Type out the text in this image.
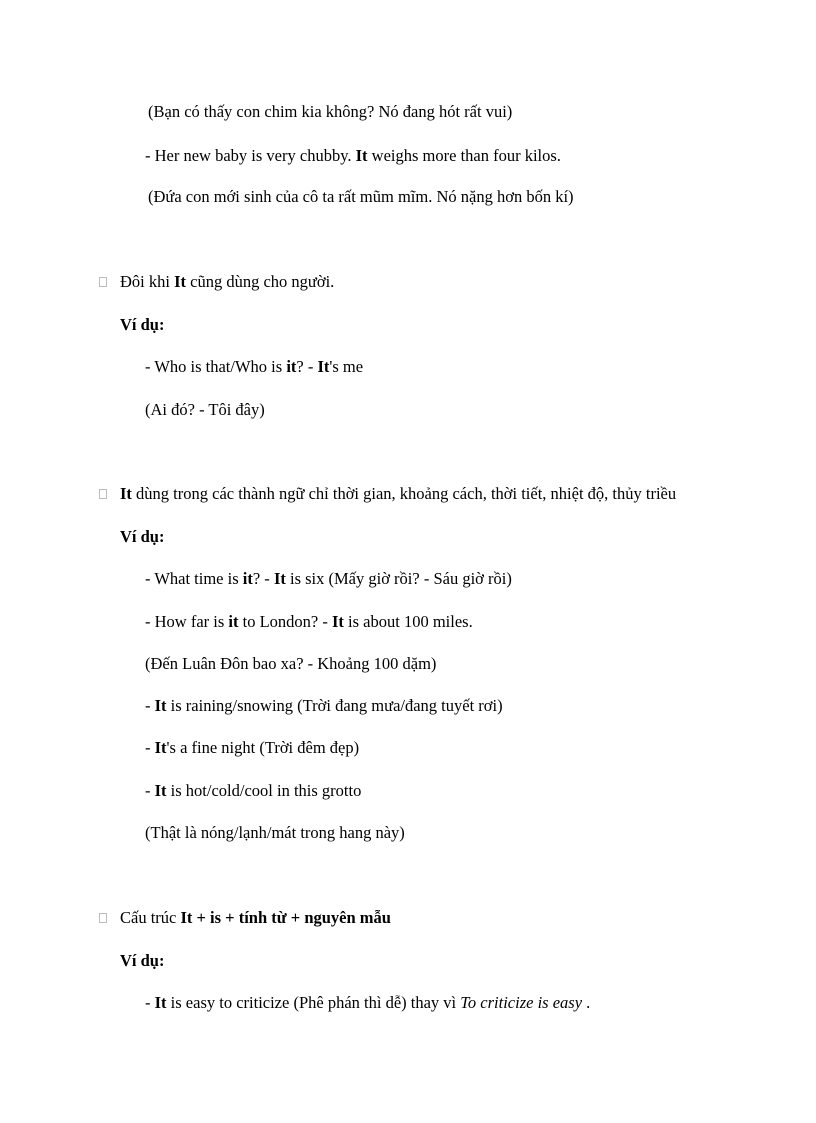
(Bạn có thấy con chim kia không? Nó đang hót rất vui)
- Her new baby is very chubby. It weighs more than four kilos.
(Đứa con mới sinh của cô ta rất mũm mĩm. Nó nặng hơn bốn kí)
Đôi khi It cũng dùng cho người.
Ví dụ:
- Who is that/Who is it? - It's me
(Ai đó? - Tôi đây)
It dùng trong các thành ngữ chỉ thời gian, khoảng cách, thời tiết, nhiệt độ, thủy triều
Ví dụ:
- What time is it? - It is six (Mấy giờ rồi? - Sáu giờ rồi)
- How far is it to London? - It is about 100 miles.
(Đến Luân Đôn bao xa? - Khoảng 100 dặm)
- It is raining/snowing (Trời đang mưa/đang tuyết rơi)
- It's a fine night (Trời đêm đẹp)
- It is hot/cold/cool in this grotto
(Thật là nóng/lạnh/mát trong hang này)
Cấu trúc It + is + tính từ + nguyên mẫu
Ví dụ:
- It is easy to criticize (Phê phán thì dễ) thay vì To criticize is easy .
